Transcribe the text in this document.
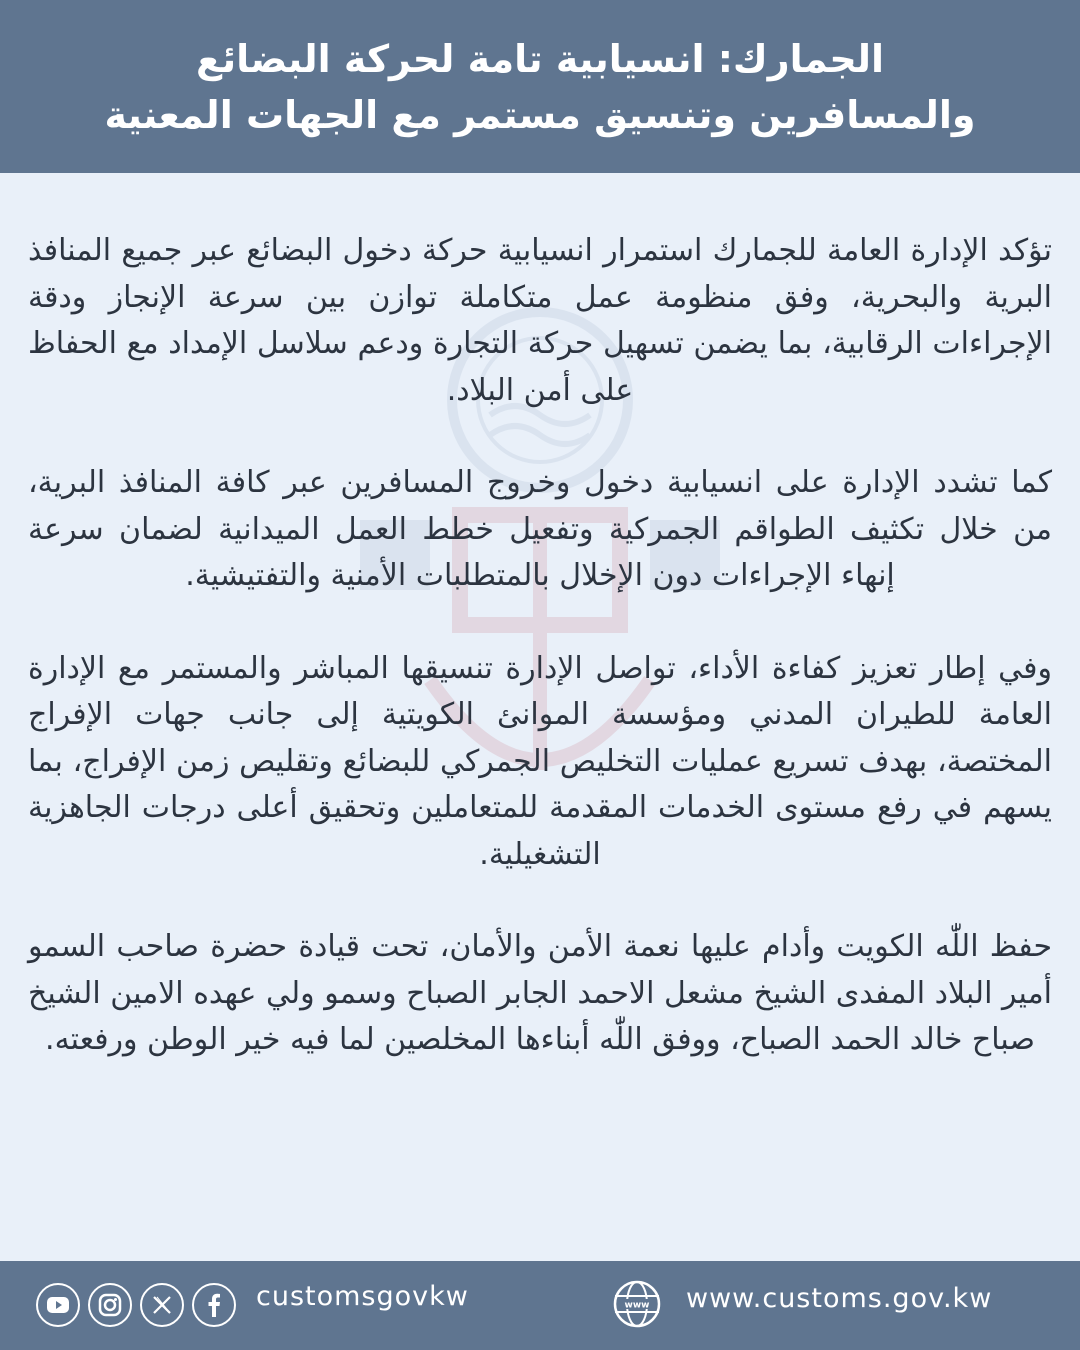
الجمارك: انسيابية تامة لحركة البضائع
والمسافرين وتنسيق مستمر مع الجهات المعنية

تؤكد الإدارة العامة للجمارك استمرار انسيابية حركة دخول البضائع عبر جميع المنافذ البرية والبحرية، وفق منظومة عمل متكاملة توازن بين سرعة الإنجاز ودقة الإجراءات الرقابية، بما يضمن تسهيل حركة التجارة ودعم سلاسل الإمداد مع الحفاظ على أمن البلاد.

كما تشدد الإدارة على انسيابية دخول وخروج المسافرين عبر كافة المنافذ البرية، من خلال تكثيف الطواقم الجمركية وتفعيل خطط العمل الميدانية لضمان سرعة إنهاء الإجراءات دون الإخلال بالمتطلبات الأمنية والتفتيشية.

وفي إطار تعزيز كفاءة الأداء، تواصل الإدارة تنسيقها المباشر والمستمر مع الإدارة العامة للطيران المدني ومؤسسة الموانئ الكويتية إلى جانب جهات الإفراج المختصة، بهدف تسريع عمليات التخليص الجمركي للبضائع وتقليص زمن الإفراج، بما يسهم في رفع مستوى الخدمات المقدمة للمتعاملين وتحقيق أعلى درجات الجاهزية التشغيلية.

حفظ اللّٰه الكويت وأدام عليها نعمة الأمن والأمان، تحت قيادة حضرة صاحب السمو أمير البلاد المفدى الشيخ مشعل الاحمد الجابر الصباح وسمو ولي عهده الامين الشيخ صباح خالد الحمد الصباح، ووفق اللّٰه أبناءها المخلصين لما فيه خير الوطن ورفعته.

customsgovkw	www www.customs.gov.kw
